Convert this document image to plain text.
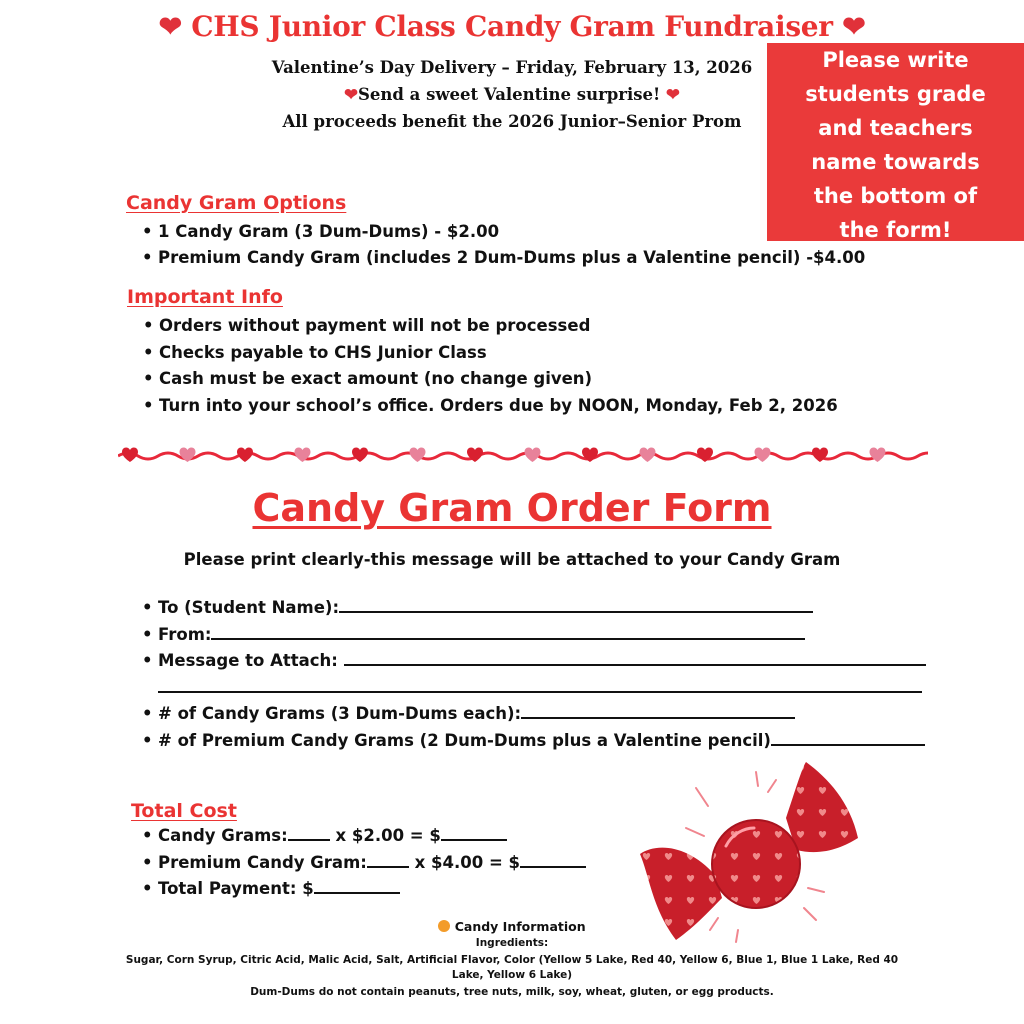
❤ CHS Junior Class Candy Gram Fundraiser ❤
Valentine’s Day Delivery – Friday, February 13, 2026
❤Send a sweet Valentine surprise! ❤
All proceeds benefit the 2026 Junior–Senior Prom
Please write
students grade
and teachers
name towards
the bottom of
the form!
Candy Gram Options
• 1 Candy Gram (3 Dum-Dums) - $2.00
• Premium Candy Gram (includes 2 Dum-Dums plus a Valentine pencil) -$4.00
Important Info
• Orders without payment will not be processed
• Checks payable to CHS Junior Class
• Cash must be exact amount (no change given)
• Turn into your school’s office. Orders due by NOON, Monday, Feb 2, 2026
Candy Gram Order Form
Please print clearly-this message will be attached to your Candy Gram
• To (Student Name):
• From:
• Message to Attach:
• # of Candy Grams (3 Dum-Dums each):
• # of Premium Candy Grams (2 Dum-Dums plus a Valentine pencil)
Total Cost
• Candy Grams:	x $2.00 = $
• Premium Candy Gram:	x $4.00 = $
• Total Payment: $
Candy Information
Ingredients:
Sugar, Corn Syrup, Citric Acid, Malic Acid, Salt, Artificial Flavor, Color (Yellow 5 Lake, Red 40, Yellow 6, Blue 1, Blue 1 Lake, Red 40 Lake, Yellow 6 Lake)
Dum-Dums do not contain peanuts, tree nuts, milk, soy, wheat, gluten, or egg products.
